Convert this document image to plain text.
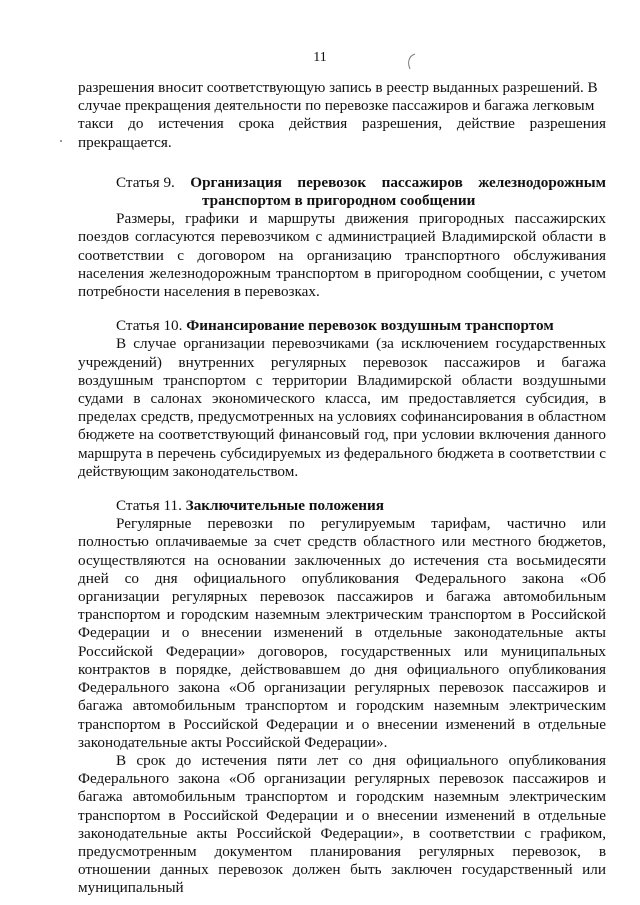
11

разрешения вносит соответствующую запись в реестр выданных разрешений. В

случае прекращения деятельности по перевозке пассажиров и багажа легковым

такси до истечения срока действия разрешения, действие разрешения

прекращается.

Статья 9. Организация перевозок пассажиров железнодорожным

транспортом в пригородном сообщении

Размеры, графики и маршруты движения пригородных пассажирских поездов согласуются перевозчиком с администрацией Владимирской области в соответствии с договором на организацию транспортного обслуживания населения железнодорожным транспортом в пригородном сообщении, с учетом потребности населения в перевозках.

Статья 10. Финансирование перевозок воздушным транспортом

В случае организации перевозчиками (за исключением государственных учреждений) внутренних регулярных перевозок пассажиров и багажа воздушным транспортом с территории Владимирской области воздушными судами в салонах экономического класса, им предоставляется субсидия, в пределах средств, предусмотренных на условиях софинансирования в областном бюджете на соответствующий финансовый год, при условии включения данного маршрута в перечень субсидируемых из федерального бюджета в соответствии с действующим законодательством.

Статья 11. Заключительные положения

Регулярные перевозки по регулируемым тарифам, частично или полностью оплачиваемые за счет средств областного или местного бюджетов, осуществляются на основании заключенных до истечения ста восьмидесяти дней со дня официального опубликования Федерального закона «Об организации регулярных перевозок пассажиров и багажа автомобильным транспортом и городским наземным электрическим транспортом в Российской Федерации и о внесении изменений в отдельные законодательные акты Российской Федерации» договоров, государственных или муниципальных контрактов в порядке, действовавшем до дня официального опубликования Федерального закона «Об организации регулярных перевозок пассажиров и багажа автомобильным транспортом и городским наземным электрическим транспортом в Российской Федерации и о внесении изменений в отдельные законодательные акты Российской Федерации».

В срок до истечения пяти лет со дня официального опубликования Федерального закона «Об организации регулярных перевозок пассажиров и багажа автомобильным транспортом и городским наземным электрическим транспортом в Российской Федерации и о внесении изменений в отдельные законодательные акты Российской Федерации», в соответствии с графиком, предусмотренным документом планирования регулярных перевозок, в отношении данных перевозок должен быть заключен государственный или муниципальный
